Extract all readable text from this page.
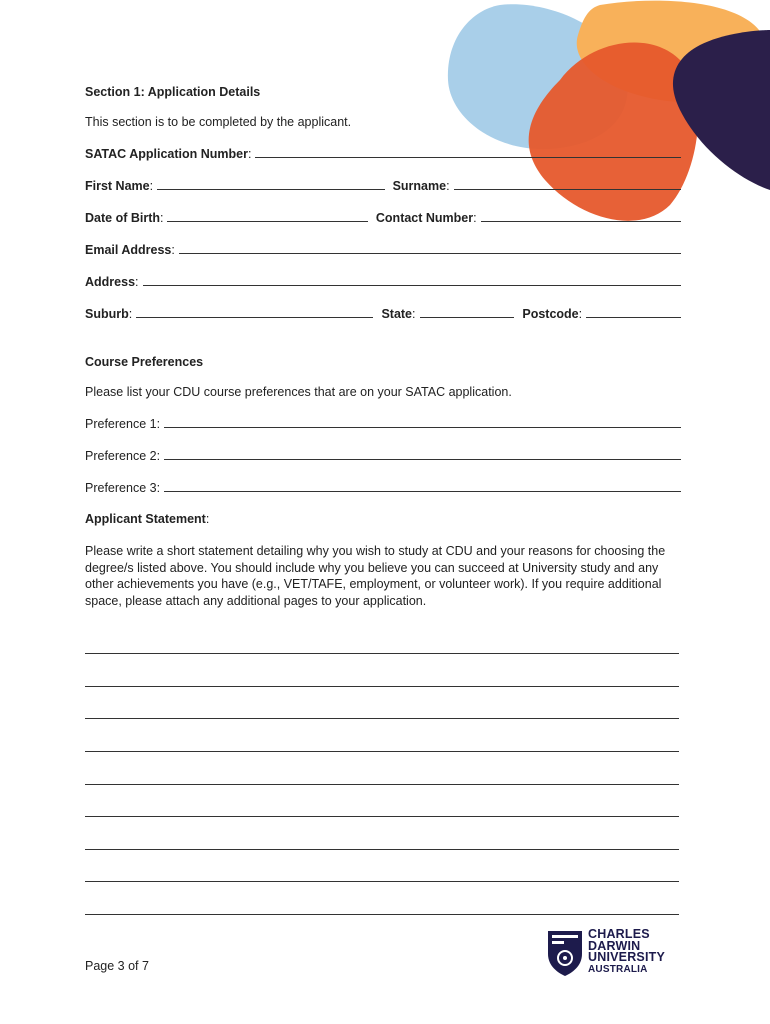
Section 1: Application Details

This section is to be completed by the applicant.

SATAC Application Number :
First Name :	Surname :
Date of Birth :	Contact Number :
Email Address :
Address :
Suburb :	State :	Postcode :

Course Preferences

Please list your CDU course preferences that are on your SATAC application.

Preference 1 :
Preference 2 :
Preference 3 :
Applicant Statement :

Please write a short statement detailing why you wish to study at CDU and your reasons for choosing the degree/s listed above. You should include why you believe you can succeed at University study and any other achievements you have (e.g., VET/TAFE, employment, or volunteer work). If you require additional space, please attach any additional pages to your application.

Page 3 of 7
CHARLES
DARWIN
UNIVERSITY
AUSTRALIA
